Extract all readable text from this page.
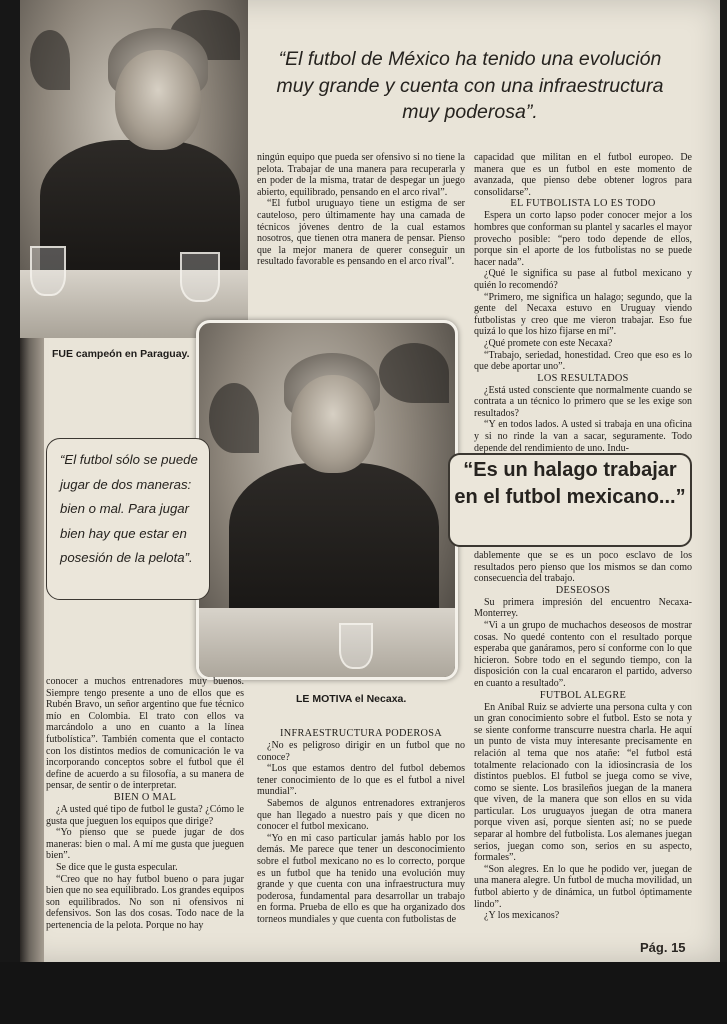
FUE campeón en Paraguay.
“El futbol de México ha tenido una evolución muy grande y cuenta con una infraestructura muy poderosa”.
LE MOTIVA el Necaxa.
“El futbol sólo se puede jugar de dos maneras: bien o mal. Para jugar bien hay que estar en posesión de la pelota”.
“Es un halago trabajar en el futbol mexicano...”

ningún equipo que pueda ser ofensivo si no tiene la pelota. Trabajar de una manera para recuperarla y en poder de la misma, tratar de despegar un juego abierto, equilibrado, pensando en el arco rival”.

“El futbol uruguayo tiene un estigma de ser cauteloso, pero últimamente hay una camada de técnicos jóvenes dentro de la cual estamos nosotros, que tienen otra manera de pensar. Pienso que la mejor manera de querer conseguir un resultado favorable es pensando en el arco rival”.

capacidad que militan en el futbol europeo. De manera que es un futbol en este momento de avanzada, que pienso debe obtener logros para consolidarse”.

EL FUTBOLISTA LO ES TODO

Espera un corto lapso poder conocer mejor a los hombres que conforman su plantel y sacarles el mayor provecho posible: “pero todo depende de ellos, porque sin el aporte de los futbolistas no se puede hacer nada”.

¿Qué le significa su pase al futbol mexicano y quién lo recomendó?

“Primero, me significa un halago; segundo, que la gente del Necaxa estuvo en Uruguay viendo futbolistas y creo que me vieron trabajar. Eso fue quizá lo que los hizo fijarse en mí”.

¿Qué promete con este Necaxa?

“Trabajo, seriedad, honestidad. Creo que eso es lo que debe aportar uno”.

LOS RESULTADOS

¿Está usted consciente que normalmente cuando se contrata a un técnico lo primero que se les exige son resultados?

“Y en todos lados. A usted si trabaja en una oficina y si no rinde la van a sacar, seguramente. Todo depende del rendimiento de uno. Indu-

conocer a muchos entrenadores muy buenos. Siempre tengo presente a uno de ellos que es Rubén Bravo, un señor argentino que fue técnico mío en Colombia. El trato con ellos va marcándolo a uno en cuanto a la línea futbolística”. También comenta que el contacto con los distintos medios de comunicación le va incorporando conceptos sobre el futbol que él define de acuerdo a su filosofía, a su manera de pensar, de sentir o de interpretar.

BIEN O MAL

¿A usted qué tipo de futbol le gusta? ¿Cómo le gusta que jueguen los equipos que dirige?

“Yo pienso que se puede jugar de dos maneras: bien o mal. A mí me gusta que jueguen bien”.

Se dice que le gusta especular.

“Creo que no hay futbol bueno o para jugar bien que no sea equilibrado. Los grandes equipos son equilibrados. No son ni ofensivos ni defensivos. Son las dos cosas. Todo nace de la pertenencia de la pelota. Porque no hay

INFRAESTRUCTURA PODEROSA

¿No es peligroso dirigir en un futbol que no conoce?

“Los que estamos dentro del futbol debemos tener conocimiento de lo que es el futbol a nivel mundial”.

Sabemos de algunos entrenadores extranjeros que han llegado a nuestro país y que dicen no conocer el futbol mexicano.

“Yo en mi caso particular jamás hablo por los demás. Me parece que tener un desconocimiento sobre el futbol mexicano no es lo correcto, porque es un futbol que ha tenido una evolución muy grande y que cuenta con una infraestructura muy poderosa, fundamental para desarrollar un trabajo en forma. Prueba de ello es que ha organizado dos torneos mundiales y que cuenta con futbolistas de

dablemente que se es un poco esclavo de los resultados pero pienso que los mismos se dan como consecuencia del trabajo.

DESEOSOS

Su primera impresión del encuentro Necaxa-Monterrey.

“Vi a un grupo de muchachos deseosos de mostrar cosas. No quedé contento con el resultado porque esperaba que ganáramos, pero sí conforme con lo que hicieron. Sobre todo en el segundo tiempo, con la disposición con la cual encararon el partido, adverso en cuanto a resultado”.

FUTBOL ALEGRE

En Aníbal Ruiz se advierte una persona culta y con un gran conocimiento sobre el futbol. Esto se nota y se siente conforme transcurre nuestra charla. He aquí un punto de vista muy interesante precisamente en relación al tema que nos atañe: “el futbol está totalmente relacionado con la idiosincrasia de los distintos pueblos. El futbol se juega como se vive, como se siente. Los brasileños juegan de la manera que viven, de la manera que son ellos en su vida particular. Los uruguayos juegan de otra manera porque viven así, porque sienten así; no se puede separar al hombre del futbolista. Los alemanes juegan serios, juegan como son, serios en su aspecto, formales”.

“Son alegres. En lo que he podido ver, juegan de una manera alegre. Un futbol de mucha movilidad, un futbol abierto y de dinámica, un futbol óptimamente lindo”.

¿Y los mexicanos?

Pág. 15
